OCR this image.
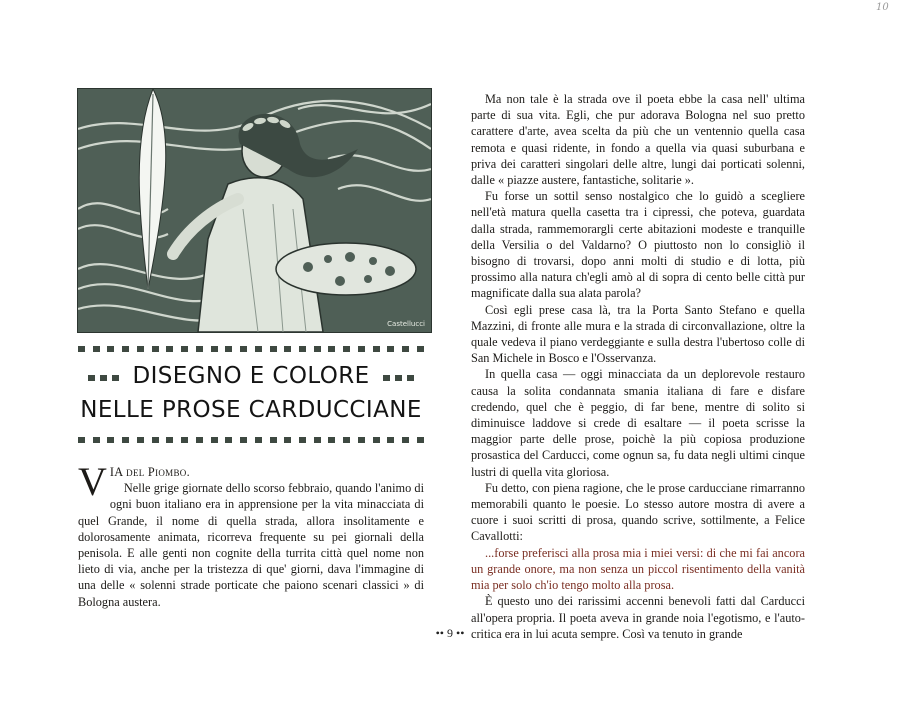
10
Castellucci
DISEGNO E COLORE
NELLE PROSE CARDUCCIANE

VIA del Piombo.

Nelle grige giornate dello scorso febbraio, quando l'animo di ogni buon italiano era in apprensione per la vita minacciata di quel Grande, il nome di quella strada, allora insolitamente e dolorosamente animata, ricorreva frequente su pei giornali della penisola. E alle genti non cognite della turrita città quel nome non lieto di via, anche per la tristezza di que' giorni, dava l'immagine di una delle « solenni strade porticate che paiono scenari classici » di Bologna austera.

Ma non tale è la strada ove il poeta ebbe la casa nell' ultima parte di sua vita. Egli, che pur adorava Bologna nel suo pretto carattere d'arte, avea scelta da più che un ventennio quella casa remota e quasi ridente, in fondo a quella via quasi suburbana e priva dei caratteri singolari delle altre, lungi dai porticati solenni, dalle « piazze austere, fantastiche, solitarie ».

Fu forse un sottil senso nostalgico che lo guidò a scegliere nell'età matura quella casetta tra i cipressi, che poteva, guardata dalla strada, rammemorargli certe abitazioni modeste e tranquille della Versilia o del Valdarno? O piuttosto non lo consigliò il bisogno di trovarsi, dopo anni molti di studio e di lotta, più prossimo alla natura ch'egli amò al di sopra di cento belle città pur magnificate dalla sua alata parola?

Così egli prese casa là, tra la Porta Santo Stefano e quella Mazzini, di fronte alle mura e la strada di circonvallazione, oltre la quale vedeva il piano verdeggiante e sulla destra l'ubertoso colle di San Michele in Bosco e l'Osservanza.

In quella casa — oggi minacciata da un deplorevole restauro causa la solita condannata smania italiana di fare e disfare credendo, quel che è peggio, di far bene, mentre di solito si diminuisce laddove si crede di esaltare — il poeta scrisse la maggior parte delle prose, poichè la più copiosa produzione prosastica del Carducci, come ognun sa, fu data negli ultimi cinque lustri di quella vita gloriosa.

Fu detto, con piena ragione, che le prose carducciane rimarranno memorabili quanto le poesie. Lo stesso autore mostra di avere a cuore i suoi scritti di prosa, quando scrive, sottilmente, a Felice Cavallotti:

...forse preferisci alla prosa mia i miei versi: di che mi fai ancora un grande onore, ma non senza un piccol risentimento della vanità mia per solo ch'io tengo molto alla prosa.

È questo uno dei rarissimi accenni benevoli fatti dal Carducci all'opera propria. Il poeta aveva in grande noia l'egotismo, e l'auto-critica era in lui acuta sempre. Così va tenuto in grande

•• 9 ••
